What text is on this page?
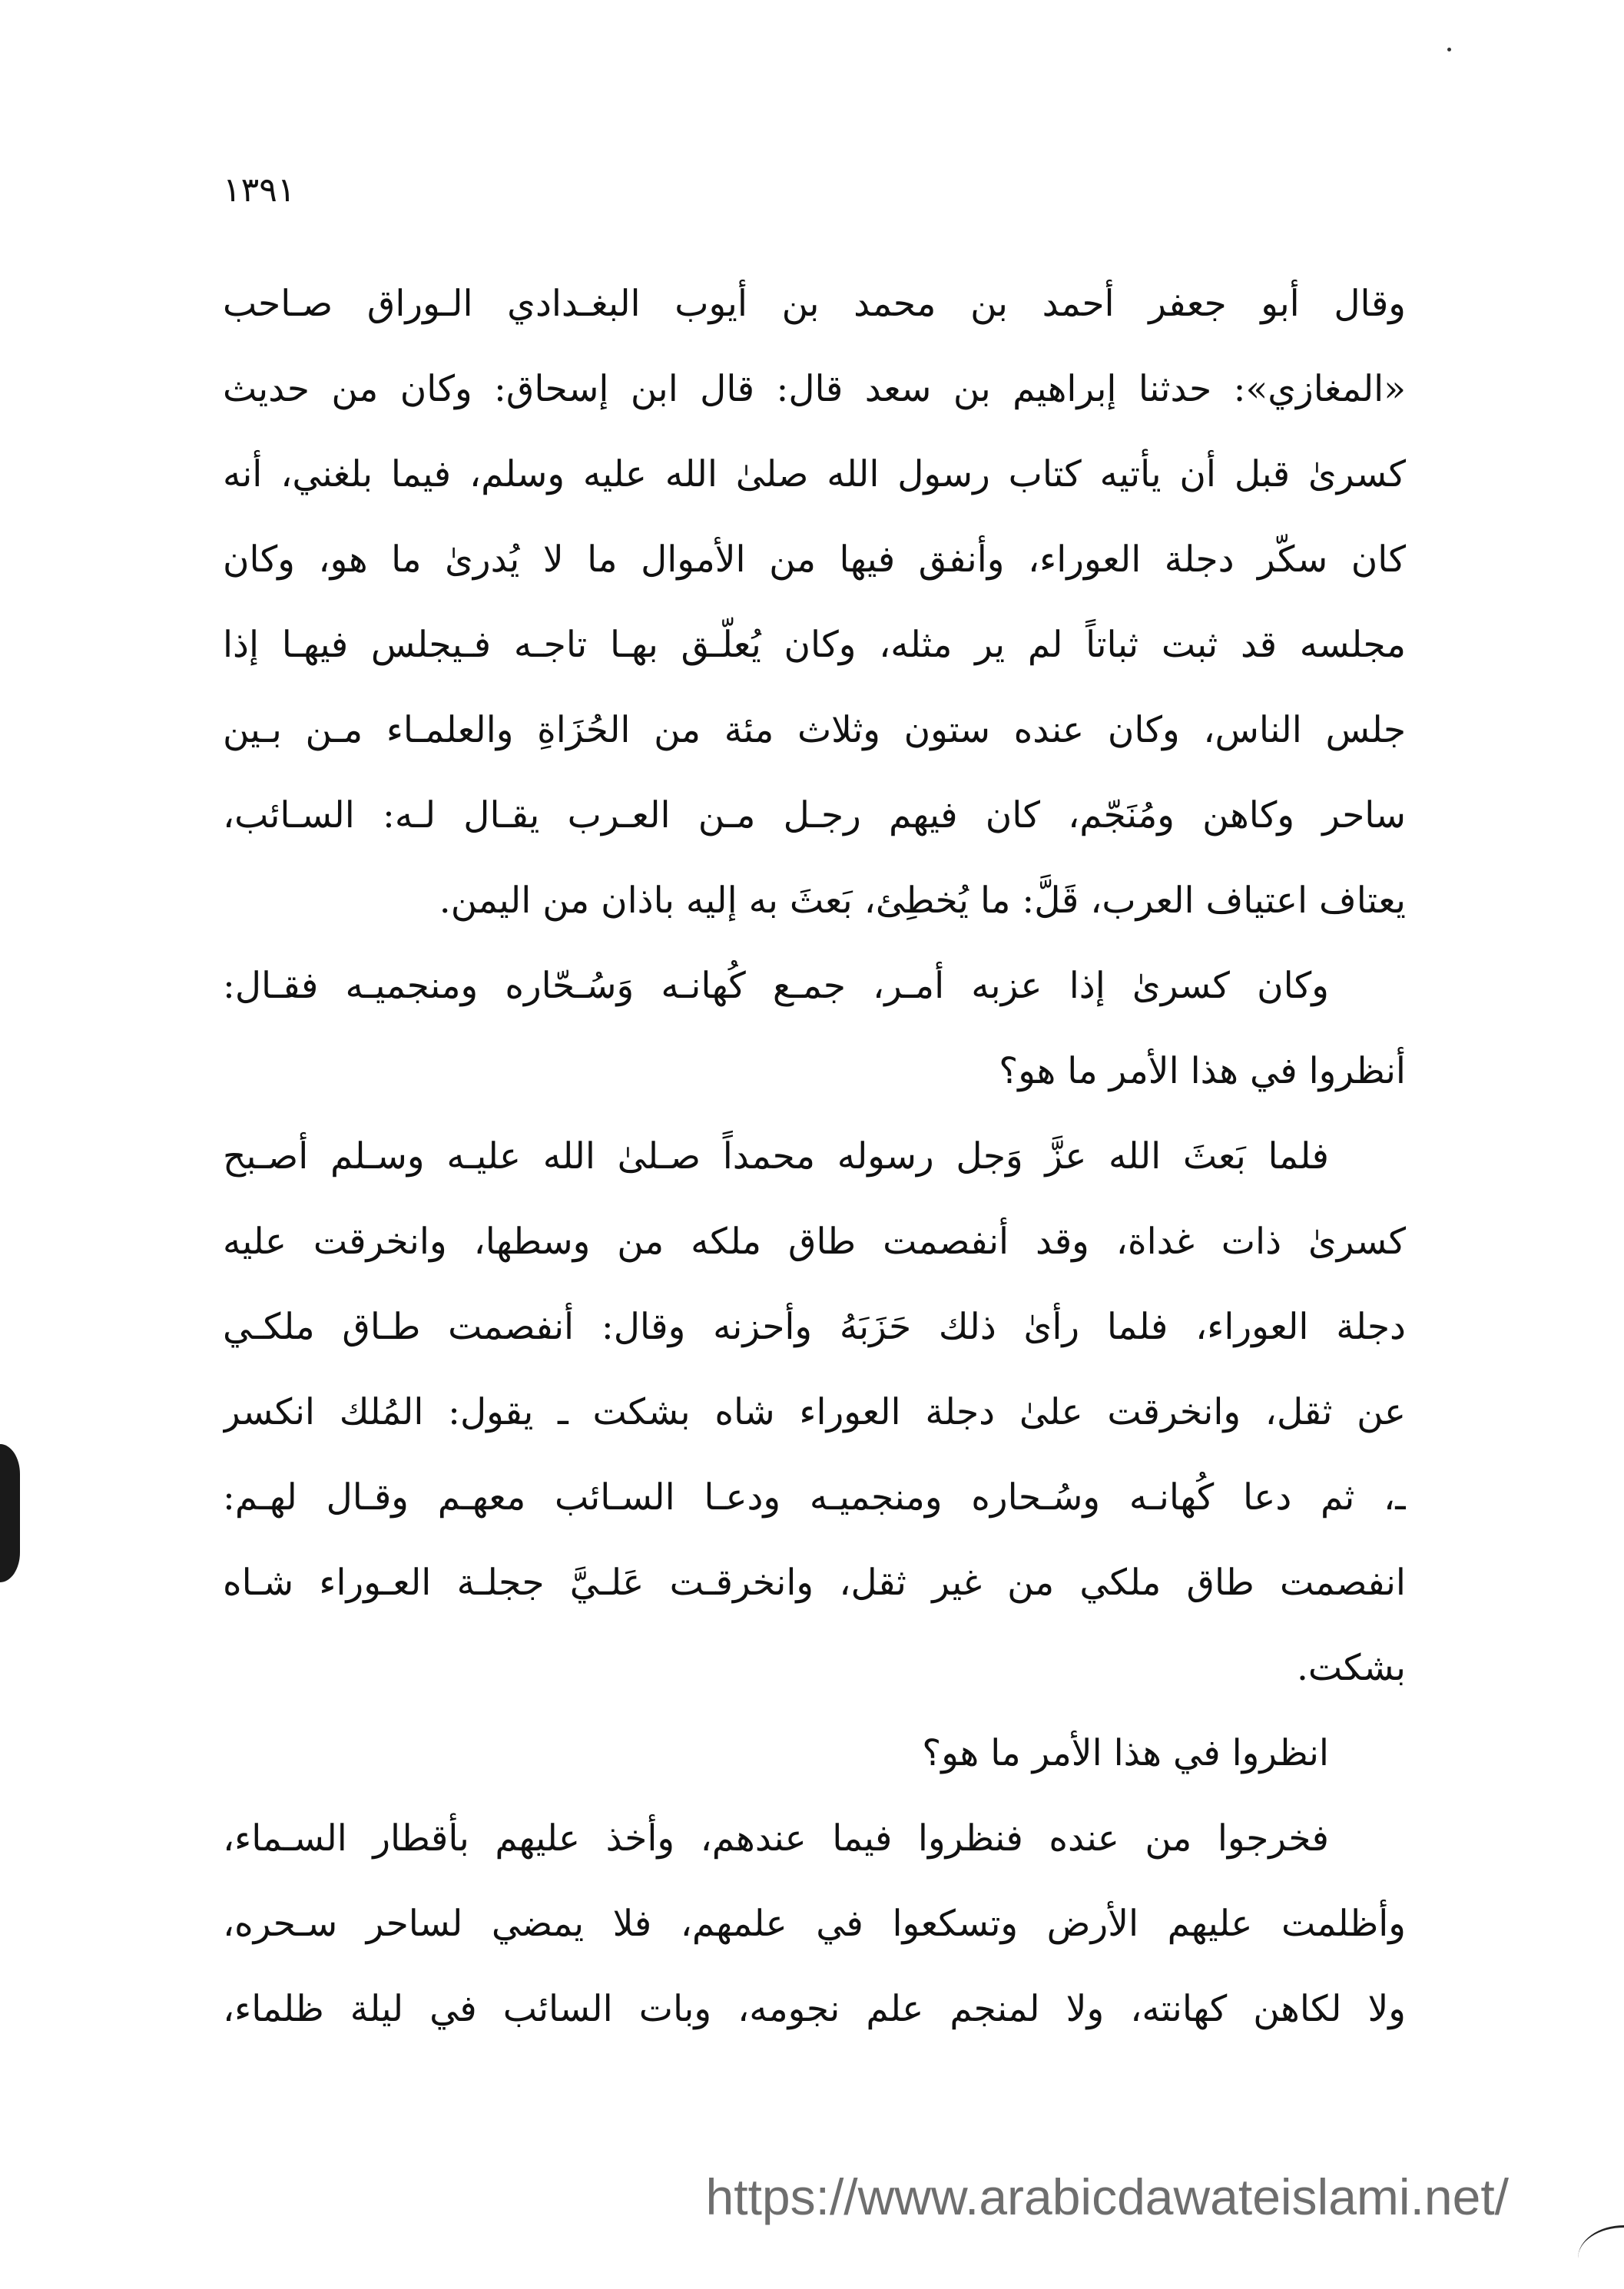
١٣٩١
وقال أبو جعفر أحمد بن محمد بن أيوب البغـدادي الـوراق صـاحب
«المغازي»: حدثنا إبراهيم بن سعد قال: قال ابن إسحاق: وكان من حديث
كسرىٰ قبل أن يأتيه كتاب رسول الله صلىٰ الله عليه وسلم، فيما بلغني، أنه
كان سكّر دجلة العوراء، وأنفق فيها من الأموال ما لا يُدرىٰ ما هو، وكان
مجلسه قد ثبت ثباتاً لم ير مثله، وكان يُعلّـق بهـا تاجـه فـيجلس فيهـا إذا
جلس الناس، وكان عنده ستون وثلاث مئة من الحُزَاةِ والعلمـاء مـن بـين
ساحر وكاهن ومُنَجّم، كان فيهم رجـل مـن العـرب يقـال لـه: السـائب،
يعتاف اعتياف العرب، قَلَّ: ما يُخطِئ، بَعثَ به إليه باذان من اليمن.
وكان كسرىٰ إذا عزبه أمـر، جمـع كُهانـه وَسُـحّاره ومنجميـه فقـال:
أنظروا في هذا الأمر ما هو؟
فلما بَعثَ الله عزَّ وَجل رسوله محمداً صـلىٰ الله عليـه وسـلم أصـبح
كسرىٰ ذات غداة، وقد أنفصمت طاق ملكه من وسطها، وانخرقت عليه
دجلة العوراء، فلما رأىٰ ذلك حَزَبَهُ وأحزنه وقال: أنفصمت طـاق ملكـي
عن ثقل، وانخرقت علىٰ دجلة العوراء شاه بشكت ـ يقول: المُلك انكسر
ـ، ثم دعا كُهانـه وسُـحاره ومنجميـه ودعـا السـائب معهـم وقـال لهـم:
انفصمت طاق ملكي من غير ثقل، وانخرقـت عَلـيَّ ججلـة العـوراء شـاه
بشكت.
انظروا في هذا الأمر ما هو؟
فخرجوا من عنده فنظروا فيما عندهم، وأخذ عليهم بأقطار السـماء،
وأظلمت عليهم الأرض وتسكعوا في علمهم، فلا يمضي لساحر سـحره،
ولا لكاهن كهانته، ولا لمنجم علم نجومه، وبات السائب في ليلة ظلماء،
https://www.arabicdawateislami.net/
